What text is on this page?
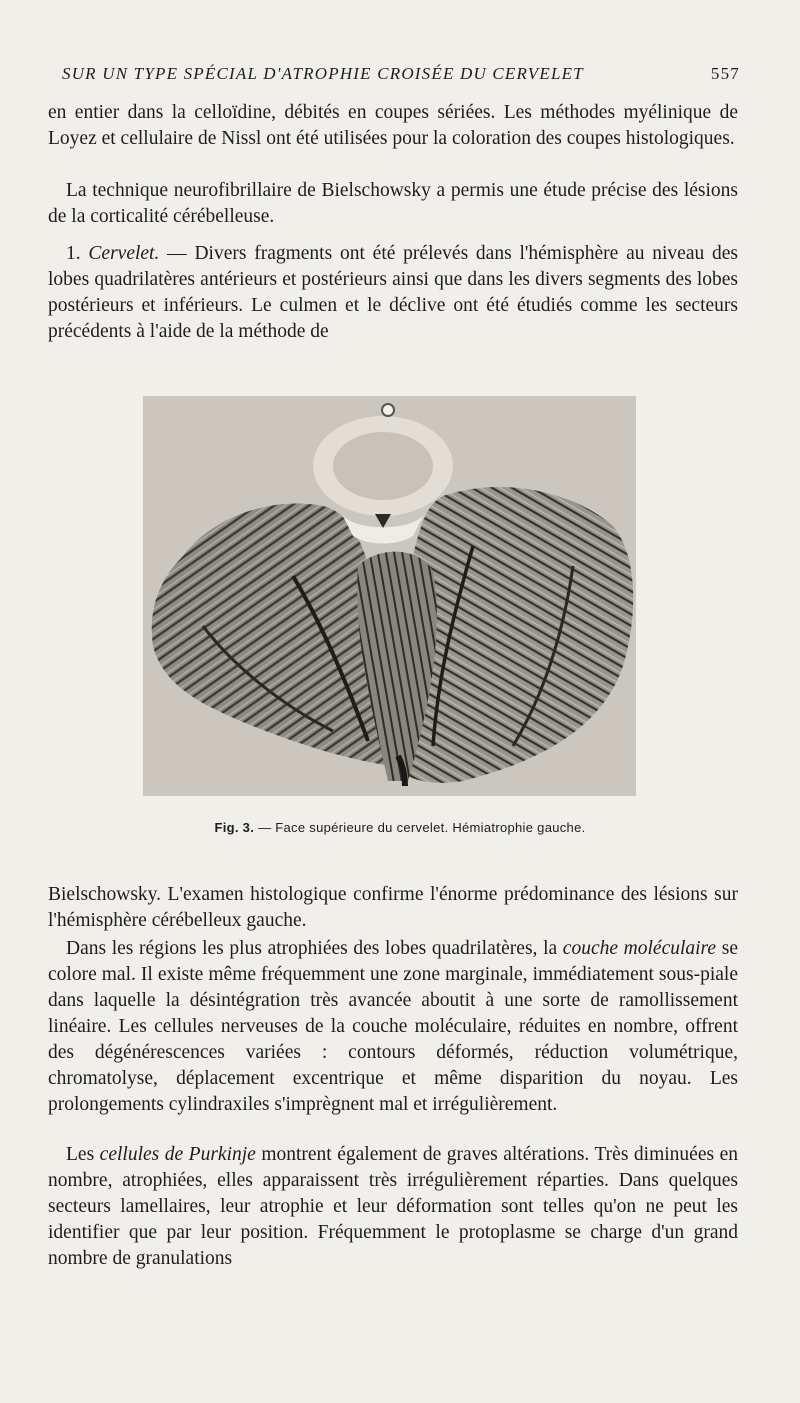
SUR UN TYPE SPÉCIAL D'ATROPHIE CROISÉE DU CERVELET	557

en entier dans la celloïdine, débités en coupes sériées. Les méthodes myélinique de Loyez et cellulaire de Nissl ont été utilisées pour la coloration des coupes histologiques.

La technique neurofibrillaire de Bielschowsky a permis une étude précise des lésions de la corticalité cérébelleuse.

1. Cervelet. — Divers fragments ont été prélevés dans l'hémisphère au niveau des lobes quadrilatères antérieurs et postérieurs ainsi que dans les divers segments des lobes postérieurs et inférieurs. Le culmen et le déclive ont été étudiés comme les secteurs précédents à l'aide de la méthode de

Fig. 3. — Face supérieure du cervelet. Hémiatrophie gauche.

Bielschowsky. L'examen histologique confirme l'énorme prédominance des lésions sur l'hémisphère cérébelleux gauche.

Dans les régions les plus atrophiées des lobes quadrilatères, la couche moléculaire se colore mal. Il existe même fréquemment une zone marginale, immédiatement sous-piale dans laquelle la désintégration très avancée aboutit à une sorte de ramollissement linéaire. Les cellules nerveuses de la couche moléculaire, réduites en nombre, offrent des dégénérescences variées : contours déformés, réduction volumétrique, chromatolyse, déplacement excentrique et même disparition du noyau. Les prolongements cylindraxiles s'imprègnent mal et irrégulièrement.

Les cellules de Purkinje montrent également de graves altérations. Très diminuées en nombre, atrophiées, elles apparaissent très irrégulièrement réparties. Dans quelques secteurs lamellaires, leur atrophie et leur déformation sont telles qu'on ne peut les identifier que par leur position. Fréquemment le protoplasme se charge d'un grand nombre de granulations
